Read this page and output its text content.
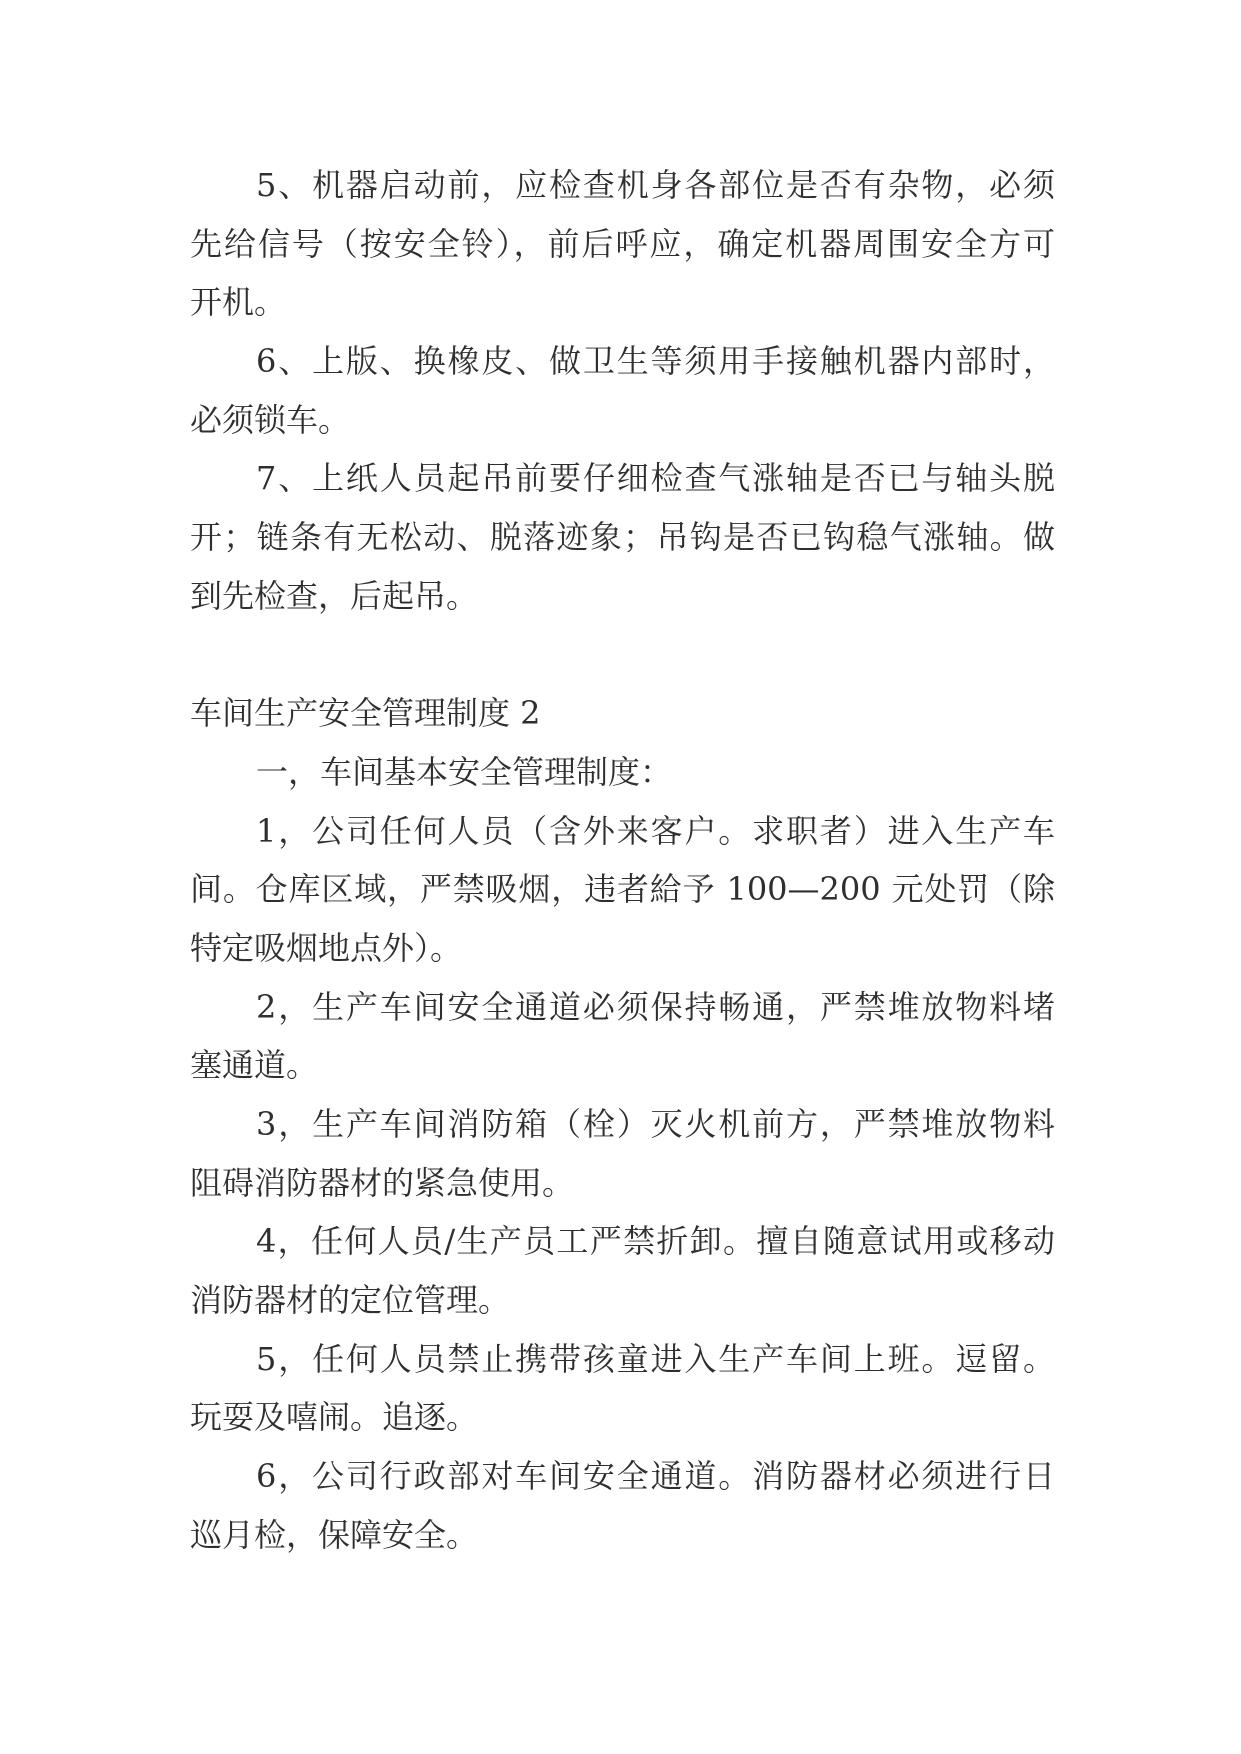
5、机器启动前，应检查机身各部位是否有杂物，必须
先给信号（按安全铃），前后呼应，确定机器周围安全方可
开机。
6、上版、换橡皮、做卫生等须用手接触机器内部时，
必须锁车。
7、上纸人员起吊前要仔细检查气涨轴是否已与轴头脱
开；链条有无松动、脱落迹象；吊钩是否已钩稳气涨轴。做
到先检查，后起吊。
车间生产安全管理制度 2
一，车间基本安全管理制度：
1，公司任何人员（含外来客户。求职者）进入生产车
间。仓库区域，严禁吸烟，违者給予 100—200 元处罚（除
特定吸烟地点外）。
2，生产车间安全通道必须保持畅通，严禁堆放物料堵
塞通道。
3，生产车间消防箱（栓）灭火机前方，严禁堆放物料
阻碍消防器材的紧急使用。
4，任何人员/生产员工严禁折卸。擅自随意试用或移动
消防器材的定位管理。
5，任何人员禁止携带孩童进入生产车间上班。逗留。
玩耍及嘻闹。追逐。
6，公司行政部对车间安全通道。消防器材必须进行日
巡月检，保障安全。
